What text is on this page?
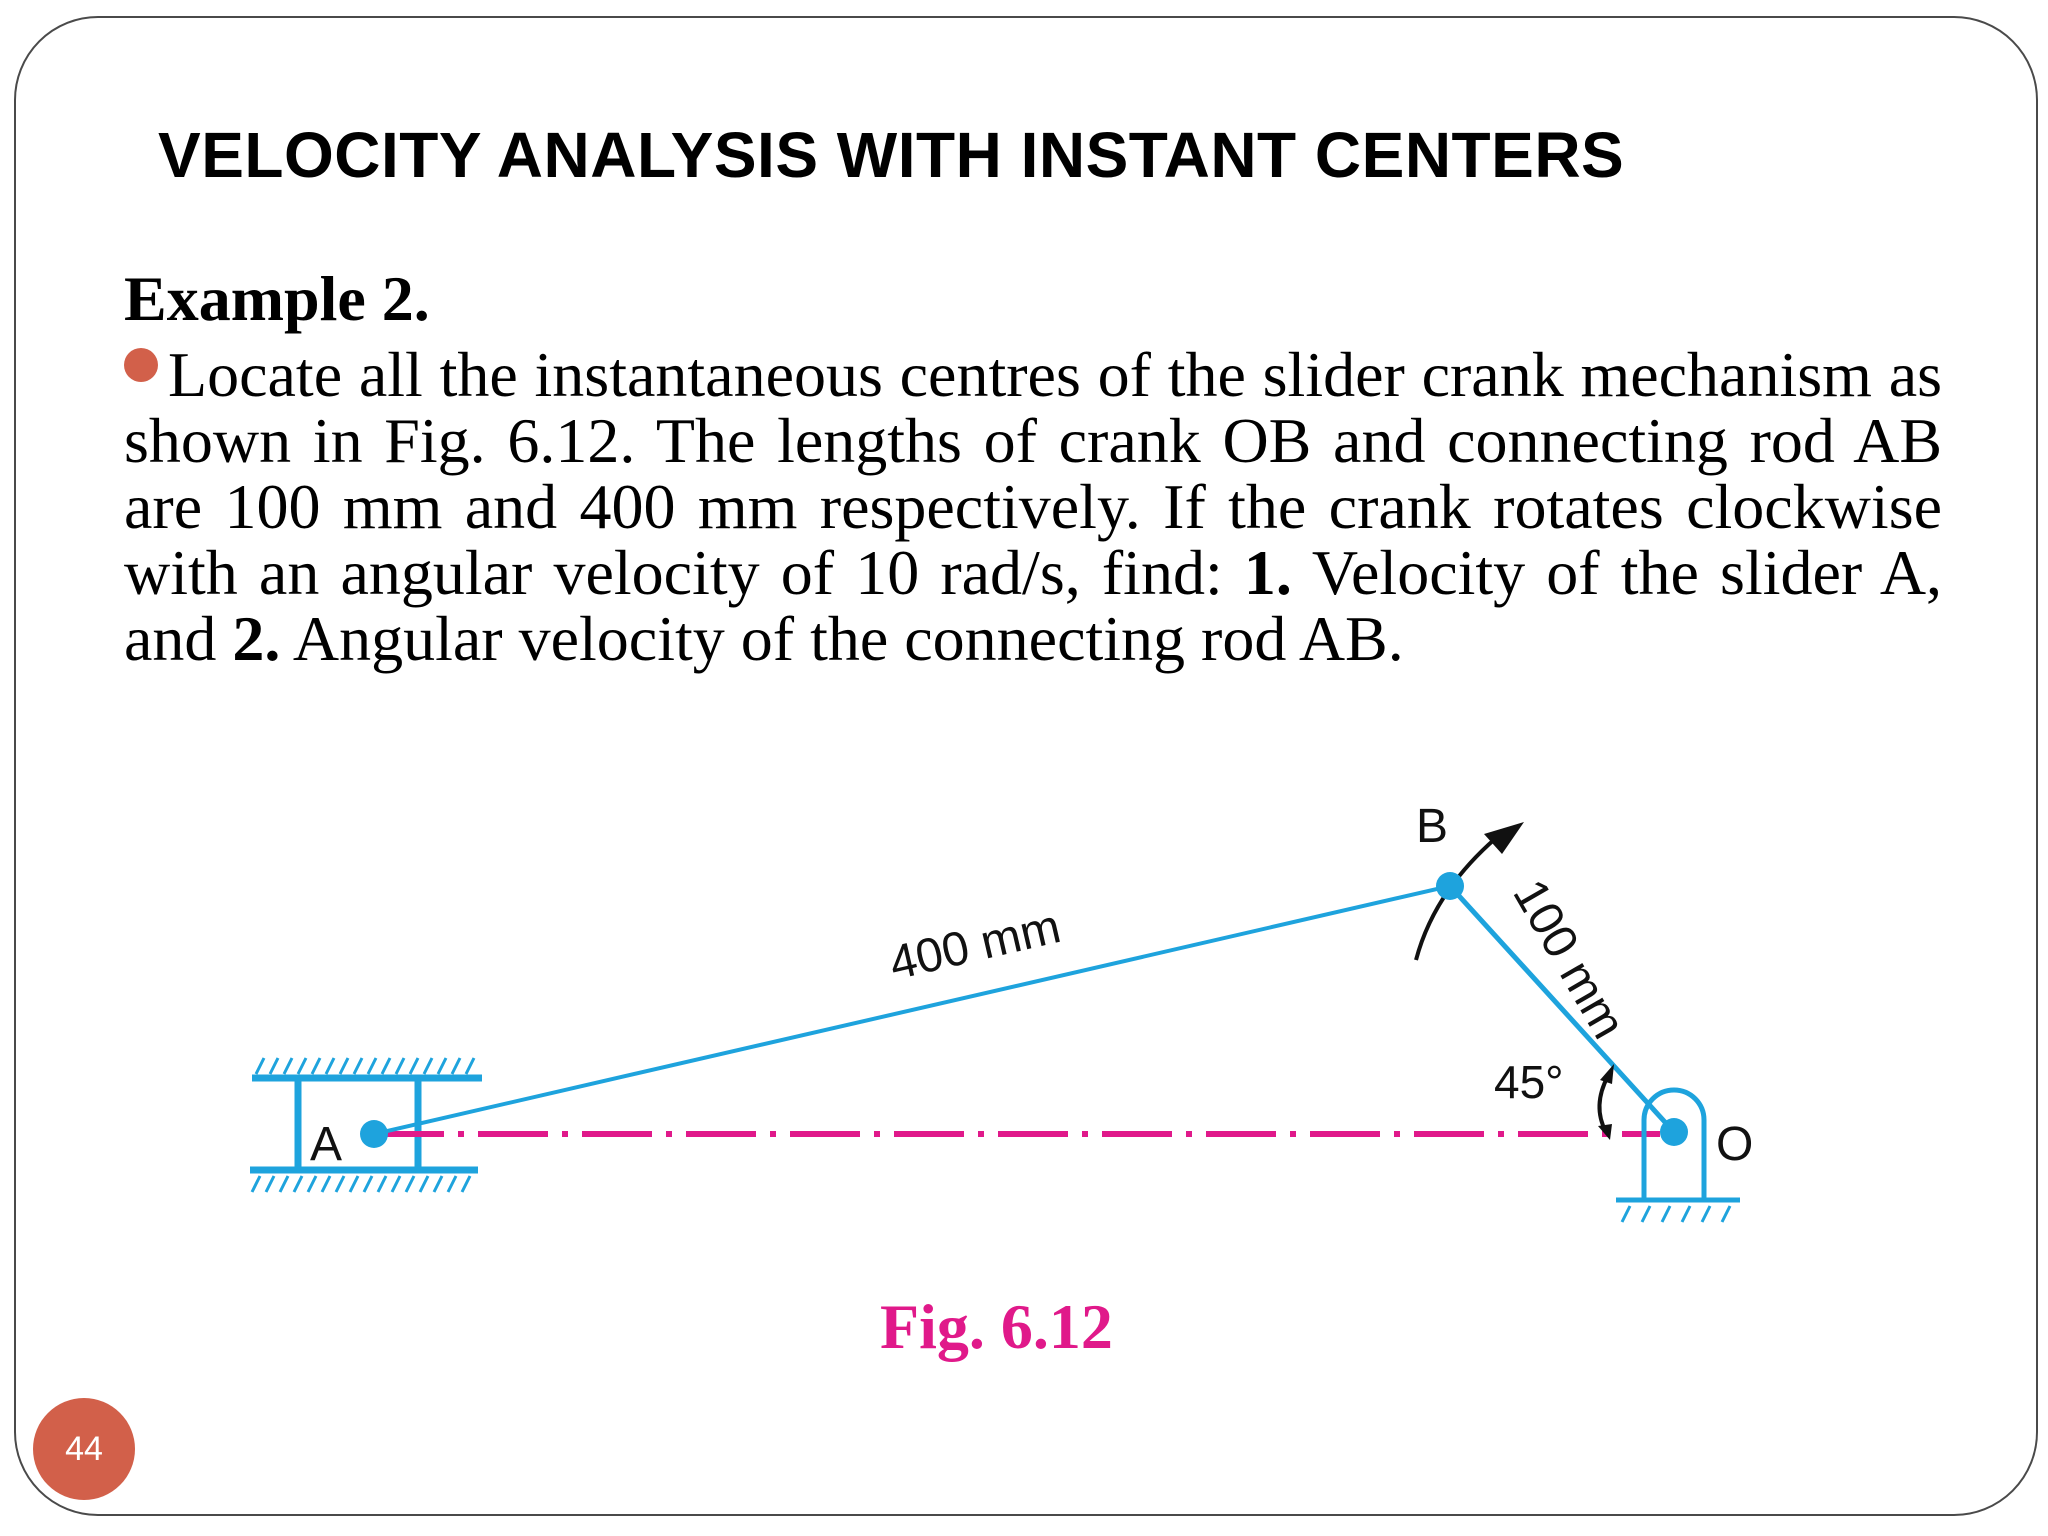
VELOCITY ANALYSIS WITH INSTANT CENTERS
Example 2.
Locate all the instantaneous centres of the slider crank mechanism as shown in Fig. 6.12. The lengths of crank OB and connecting rod AB are 100 mm and 400 mm respectively. If the crank rotates clockwise with an angular velocity of 10 rad/s, find: 1. Velocity of the slider A, and 2. Angular velocity of the connecting rod AB.
A
B
O
400 mm	100 mm
45°
Fig. 6.12
44
